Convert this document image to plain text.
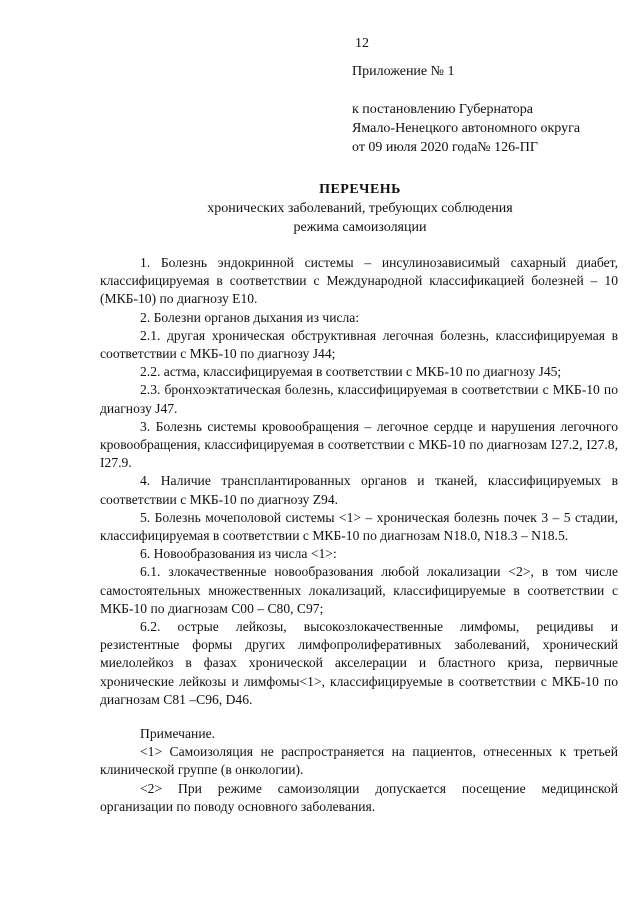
12
Приложение № 1
к постановлению Губернатора
Ямало-Ненецкого автономного округа
от 09 июля 2020 года№ 126-ПГ
ПЕРЕЧЕНЬ
хронических заболеваний, требующих соблюдения
режима самоизоляции

1. Болезнь эндокринной системы – инсулинозависимый сахарный диабет, классифицируемая в соответствии с Международной классификацией болезней – 10 (МКБ-10) по диагнозу Е10.

2. Болезни органов дыхания из числа:

2.1. другая хроническая обструктивная легочная болезнь, классифицируемая в соответствии с МКБ-10 по диагнозу J44;

2.2. астма, классифицируемая в соответствии с МКБ-10 по диагнозу J45;

2.3. бронхоэктатическая болезнь, классифицируемая в соответствии с МКБ-10 по диагнозу J47.

3. Болезнь системы кровообращения – легочное сердце и нарушения легочного кровообращения, классифицируемая в соответствии с МКБ-10 по диагнозам I27.2, I27.8, I27.9.

4. Наличие трансплантированных органов и тканей, классифицируемых в соответствии с МКБ-10 по диагнозу Z94.

5. Болезнь мочеполовой системы <1> – хроническая болезнь почек 3 – 5 стадии, классифицируемая в соответствии с МКБ-10 по диагнозам N18.0, N18.3 – N18.5.

6. Новообразования из числа <1>:

6.1. злокачественные новообразования любой локализации <2>, в том числе самостоятельных множественных локализаций, классифицируемые в соответствии с МКБ-10 по диагнозам C00 – C80, C97;

6.2. острые лейкозы, высокозлокачественные лимфомы, рецидивы и резистентные формы других лимфопролиферативных заболеваний, хронический миелолейкоз в фазах хронической акселерации и бластного криза, первичные хронические лейкозы и лимфомы<1>, классифицируемые в соответствии с МКБ-10 по диагнозам C81 –C96, D46.

Примечание.

<1> Самоизоляция не распространяется на пациентов, отнесенных к третьей клинической группе (в онкологии).

<2> При режиме самоизоляции допускается посещение медицинской организации по поводу основного заболевания.
